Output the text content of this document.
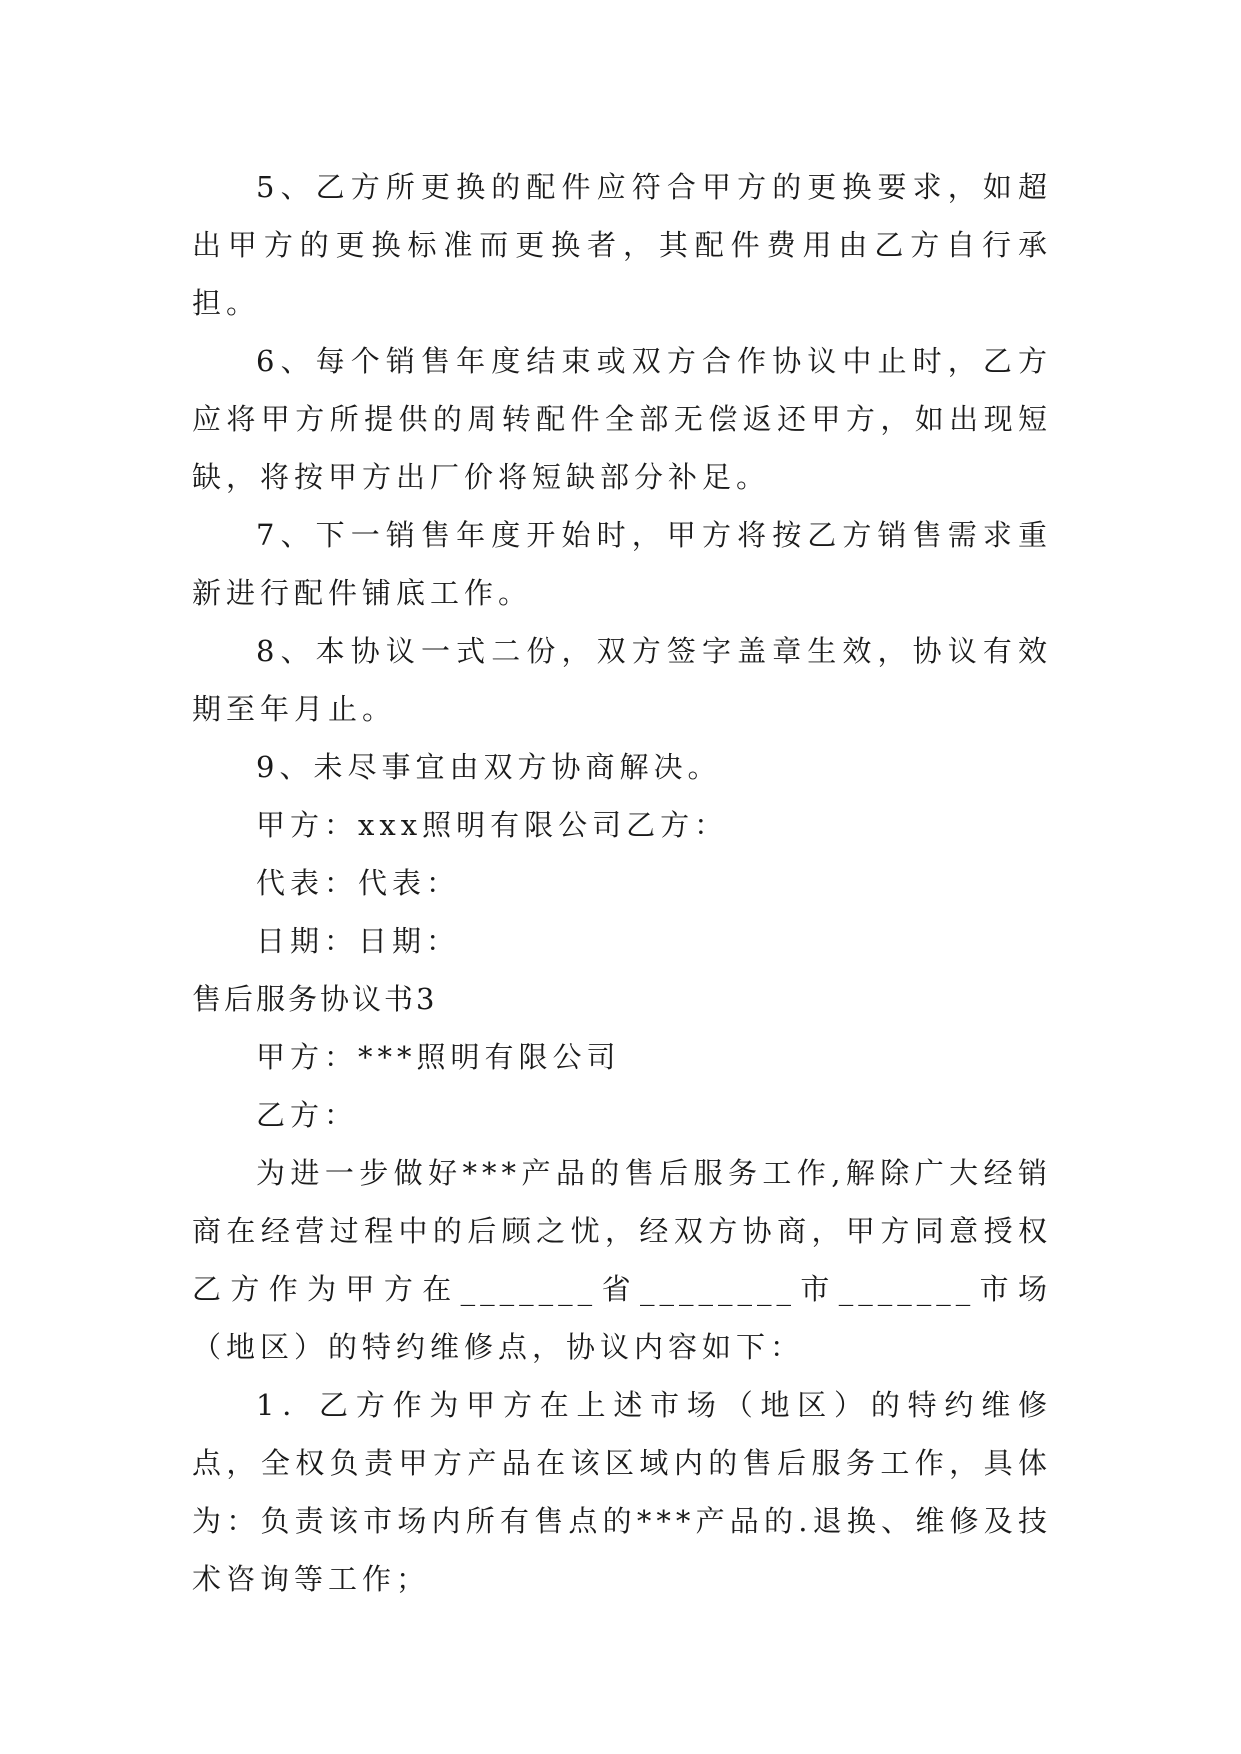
5、乙方所更换的配件应符合甲方的更换要求，如超出甲方的更换标准而更换者，其配件费用由乙方自行承担。

6、每个销售年度结束或双方合作协议中止时，乙方应将甲方所提供的周转配件全部无偿返还甲方，如出现短缺，将按甲方出厂价将短缺部分补足。

7、下一销售年度开始时，甲方将按乙方销售需求重新进行配件铺底工作。

8、本协议一式二份，双方签字盖章生效，协议有效期至年月止。

9、未尽事宜由双方协商解决。

甲方：xxx照明有限公司乙方：

代表：代表：

日期：日期：

售后服务协议书3

甲方：***照明有限公司

乙方：

为进一步做好***产品的售后服务工作,解除广大经销商在经营过程中的后顾之忧，经双方协商，甲方同意授权乙方作为甲方在_______省________市_______市场（地区）的特约维修点，协议内容如下：

1．乙方作为甲方在上述市场（地区）的特约维修点，全权负责甲方产品在该区域内的售后服务工作，具体为：负责该市场内所有售点的***产品的.退换、维修及技术咨询等工作；
